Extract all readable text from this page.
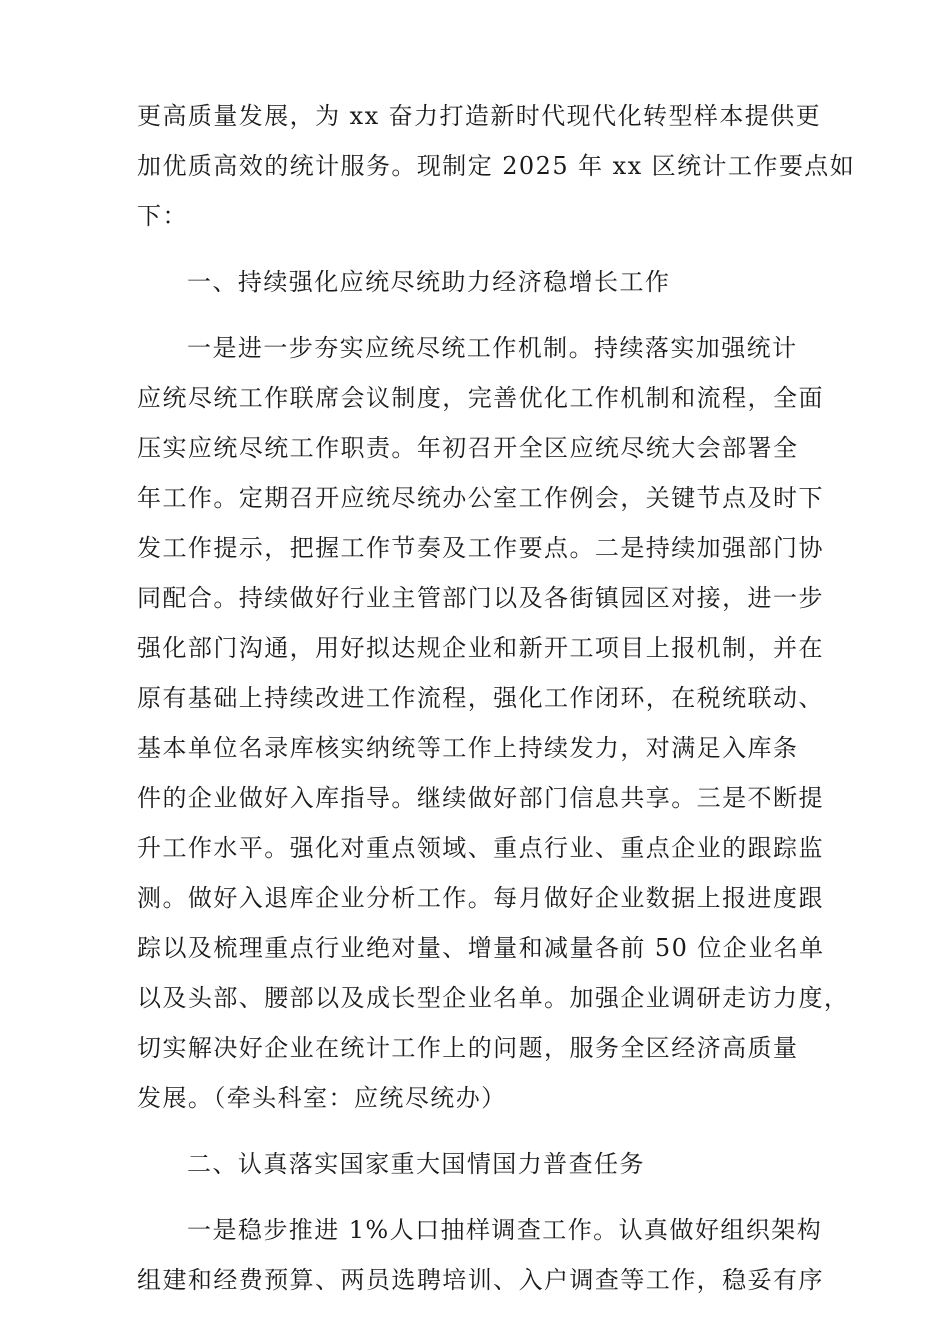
更高质量发展，为 xx 奋力打造新时代现代化转型样本提供更
加优质高效的统计服务。现制定 2025 年 xx 区统计工作要点如
下：
一、持续强化应统尽统助力经济稳增长工作
一是进一步夯实应统尽统工作机制。持续落实加强统计
应统尽统工作联席会议制度，完善优化工作机制和流程，全面
压实应统尽统工作职责。年初召开全区应统尽统大会部署全
年工作。定期召开应统尽统办公室工作例会，关键节点及时下
发工作提示，把握工作节奏及工作要点。二是持续加强部门协
同配合。持续做好行业主管部门以及各街镇园区对接，进一步
强化部门沟通，用好拟达规企业和新开工项目上报机制，并在
原有基础上持续改进工作流程，强化工作闭环，在税统联动、
基本单位名录库核实纳统等工作上持续发力，对满足入库条
件的企业做好入库指导。继续做好部门信息共享。三是不断提
升工作水平。强化对重点领域、重点行业、重点企业的跟踪监
测。做好入退库企业分析工作。每月做好企业数据上报进度跟
踪以及梳理重点行业绝对量、增量和减量各前 50 位企业名单
以及头部、腰部以及成长型企业名单。加强企业调研走访力度，
切实解决好企业在统计工作上的问题，服务全区经济高质量
发展。（牵头科室：应统尽统办）
二、认真落实国家重大国情国力普查任务
一是稳步推进 1%人口抽样调查工作。认真做好组织架构
组建和经费预算、两员选聘培训、入户调查等工作，稳妥有序
